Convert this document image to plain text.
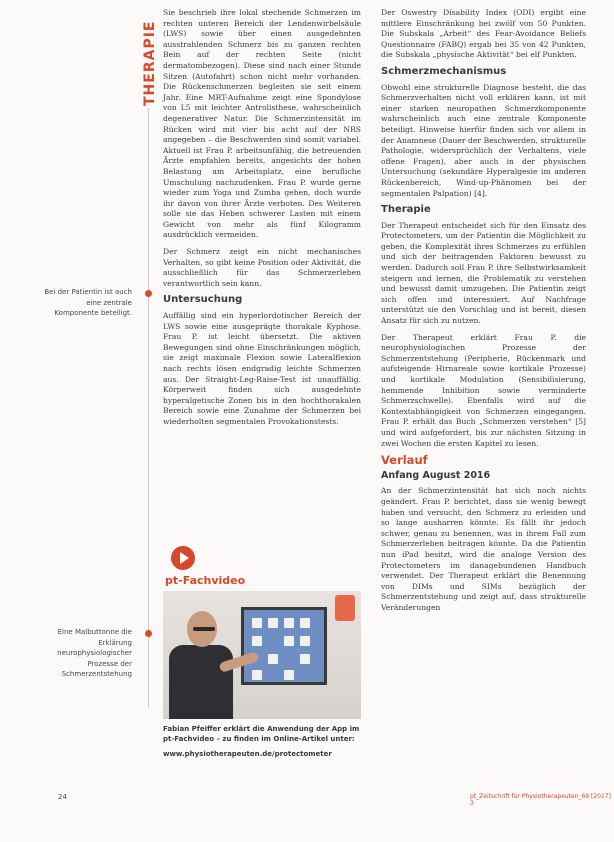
THERAPIE
Bei der Patientin ist auch eine zentrale Komponente beteiligt.
Eine Malbuttonne die Erklärung neurophysiologischer Prozesse der Schmerzentstehung

Sie beschrieb ihre lokal stechende Schmerzen im rechten unteren Bereich der Lendenwirbelsäule (LWS) sowie über einen ausgedehnten ausstrahlenden Schmerz bis zu ganzen rechten Bein auf der rechten Seite (nicht dermatombezogen). Diese sind nach einer Stunde Sitzen (Autofahrt) schon nicht mehr vorhanden. Die Rückenschmerzen begleiten sie seit einem Jahr. Eine MRT-Aufnahme zeigt eine Spondylose von L5 mit leichter Antrolisthese, wahrscheinlich degenerativer Natur. Die Schmerzintensität im Rücken wird mit vier bis acht auf der NRS angegeben – die Beschwerden sind somit variabel. Aktuell ist Frau P. arbeitsunfähig, die betreuenden Ärzte empfahlen bereits, angesichts der hohen Belastung am Arbeitsplatz, eine berufliche Umschulung nachzudenken. Frau P. wurde gerne wieder zum Yoga und Zumba gehen, doch wurde ihr davon von ihrer Ärzte verboten. Des Weiteren solle sie das Heben schwerer Lasten mit einem Gewicht von mehr als fünf Kilogramm ausdrücklich vermeiden.

Der Schmerz zeigt ein nicht mechanisches Verhalten, so gibt keine Position oder Aktivität, die ausschließlich für das Schmerzerleben verantwortlich sein kann.

Untersuchung

Auffällig sind ein hyperlordotischer Bereich der LWS sowie eine ausgeprägte thorakale Kyphose. Frau P. ist leicht übersetzt. Die aktiven Bewegungen sind ohne Einschränkungen möglich, sie zeigt maximale Flexion sowie Lateralflexion nach rechts lösen endgradig leichte Schmerzen aus. Der Straight-Leg-Raise-Test ist unauffällig. Körperweit finden sich ausgedehnte hyperalgetische Zonen bis in den hochthorakalen Bereich sowie eine Zunahme der Schmerzen bei wiederholten segmentalen Provokationstests.

pt-Fachvideo
Fabian Pfeiffer erklärt die Anwendung der App im pt-Fachvideo – zu finden im Online-Artikel unter:
www.physiotherapeuten.de/protectometer

Der Oswestry Disability Index (ODI) ergibt eine mittlere Einschränkung bei zwölf von 50 Punkten. Die Subskala „Arbeit“ des Fear-Avoidance Beliefs Questionnaire (FABQ) ergab bei 35 von 42 Punkten, die Subskala „physische Aktivität“ bei elf Punkten.

Schmerzmechanismus

Obwohl eine strukturelle Diagnose besteht, die das Schmerzverhalten nicht voll erklären kann, ist mit einer starken neuropathen Schmerzkomponente wahrscheinlich auch eine zentrale Komponente beteiligt. Hinweise hierfür finden sich vor allem in der Anamnese (Dauer der Beschwerden, strukturelle Pathologie, widersprüchlich der Verhaltens, viele offene Fragen), aber auch in der physischen Untersuchung (sekundäre Hyperalgesie im anderen Rückenbereich, Wind-up-Phänomen bei der segmentalen Palpation) [4].

Therapie

Der Therapeut entscheidet sich für den Einsatz des Protectometers, um der Patientin die Möglichkeit zu geben, die Komplexität ihres Schmerzes zu erfühlen und sich der beitragenden Faktoren bewusst zu werden. Dadurch soll Frau P. ihre Selbstwirksamkeit steigern und lernen, die Problematik zu verstehen und bewusst damit umzugehen. Die Patientin zeigt sich offen und interessiert. Auf Nachfrage unterstützt sie den Vorschlag und ist bereit, diesen Ansatz für sich zu nutzen.

Der Therapeut erklärt Frau P. die neurophysiologischen Prozesse der Schmerzentstehung (Peripherie, Rückenmark und aufsteigende Hirnareale sowie kortikale Prozesse) und kortikale Modulation (Sensibilisierung, hemmende Inhibition sowie verminderte Schmerzschwelle). Ebenfalls wird auf die Kontextabhängigkeit von Schmerzen eingegangen. Frau P. erhält das Buch „Schmerzen verstehen“ [5] und wird aufgefordert, bis zur nächsten Sitzung in zwei Wochen die ersten Kapitel zu lesen.

Verlauf
Anfang August 2016

An der Schmerzintensität hat sich noch nichts geändert. Frau P. berichtet, dass sie wenig bewegt haben und versucht, den Schmerz zu erleiden und so lange ausharren könnte. Es fällt ihr jedoch schwer, genau zu benennen, was in ihrem Fall zum Schmerzerleben beitragen könnte. Da die Patientin nun iPad besitzt, wird die analoge Version des Protectometers im danagebundenen Handbuch verwendet. Der Therapeut erklärt die Benennung von DIMs und SIMs bezüglich der Schmerzentstehung und zeigt auf, dass strukturelle Veränderungen

24	pt_Zeitschrift für Physiotherapeuten_69 [2017] 3
